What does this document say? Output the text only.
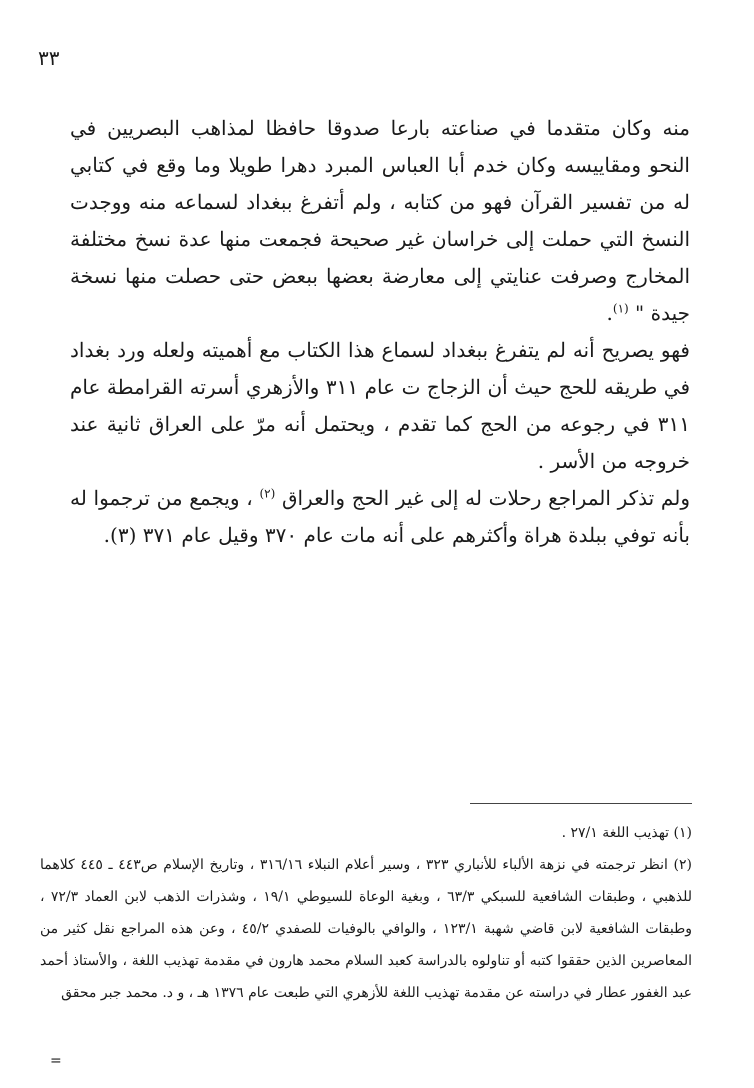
٣٣

منه وكان متقدما في صناعته بارعا صدوقا حافظا لمذاهب البصريين في النحو ومقاييسه وكان خدم أبا العباس المبرد دهرا طويلا وما وقع في كتابي له من تفسير القرآن فهو من كتابه ، ولم أتفرغ ببغداد لسماعه منه ووجدت النسخ التي حملت إلى خراسان غير صحيحة فجمعت منها عدة نسخ مختلفة المخارج وصرفت عنايتي إلى معارضة بعضها ببعض حتى حصلت منها نسخة جيدة " $^{(١)}$.

فهو يصريح أنه لم يتفرغ ببغداد لسماع هذا الكتاب مع أهميته ولعله ورد بغداد في طريقه للحج حيث أن الزجاج ت عام ٣١١ والأزهري أسرته القرامطة عام ٣١١ في رجوعه من الحج كما تقدم ، ويحتمل أنه مرّ على العراق ثانية عند خروجه من الأسر .

ولم تذكر المراجع رحلات له إلى غير الحج والعراق $^{(٢)}$ ، ويجمع من ترجموا له بأنه توفي ببلدة هراة وأكثرهم على أنه مات عام ٣٧٠ وقيل عام ٣٧١ (٣).

(١) تهذيب اللغة ٢٧/١ .

(٢) انظر ترجمته في نزهة الألباء للأنباري ٣٢٣ ، وسير أعلام النبلاء ٣١٦/١٦ ، وتاريخ الإسلام ص٤٤٣ ـ ٤٤٥ كلاهما للذهبي ، وطبقات الشافعية للسبكي ٦٣/٣ ، وبغية الوعاة للسيوطي ١٩/١ ، وشذرات الذهب لابن العماد ٧٢/٣ ، وطبقات الشافعية لابن قاضي شهبة ١٢٣/١ ، والوافي بالوفيات للصفدي ٤٥/٢ ، وعن هذه المراجع نقل كثير من المعاصرين الذين حققوا كتبه أو تناولوه بالدراسة كعبد السلام محمد هارون في مقدمة تهذيب اللغة ، والأستاذ أحمد عبد الغفور عطار في دراسته عن مقدمة تهذيب اللغة للأزهري التي طبعت عام ١٣٧٦ هـ ، و د. محمد جبر محقق

=
